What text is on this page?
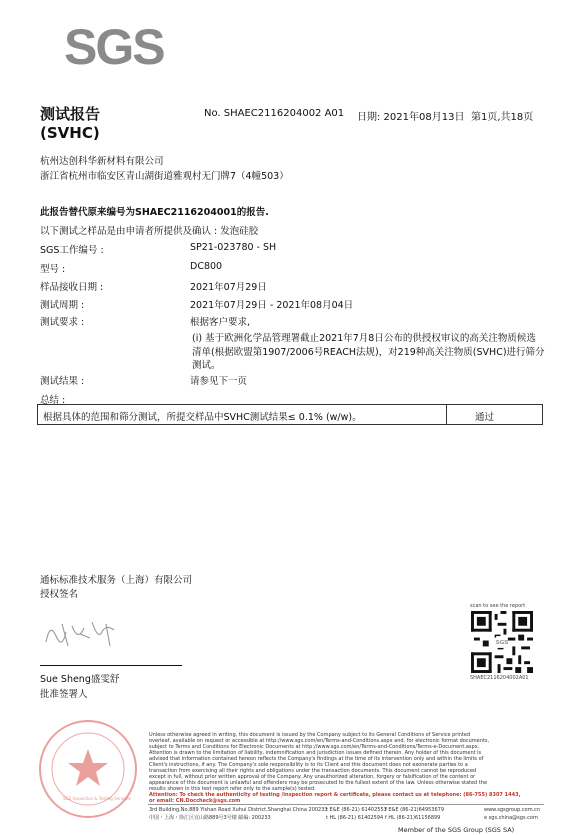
SGS
测试报告
(SVHC)
No. SHAEC2116204002 A01 日期: 2021年08月13日 第1页,共18页
杭州达创科华新材料有限公司
浙江省杭州市临安区青山湖街道雅观村无门牌7（4幢503）
此报告替代原来编号为SHAEC2116204001的报告.
以下测试之样品是由申请者所提供及确认 : 发泡硅胶
SGS工作编号 :	SP21-023780 - SH
型号 :	DC800
样品接收日期 :	2021年07月29日
测试周期 :	2021年07月29日 - 2021年08月04日
测试要求 :	根据客户要求,
(i) 基于欧洲化学品管理署截止2021年7月8日公布的供授权审议的高关注物质候选
清单(根据欧盟第1907/2006号REACH法规)，对219种高关注物质(SVHC)进行筛分
测试。
测试结果 :	请参见下一页
总结 :
根据具体的范围和筛分测试，所提交样品中SVHC测试结果≤ 0.1% (w/w)。	通过
通标标准技术服务（上海）有限公司
授权签名
Sue Sheng盛雯舒
批准签署人
scan to see the report
SGS
SHAEC2116204002A01
SGS Inspection & Testing Services
Unless otherwise agreed in writing, this document is issued by the Company subject to its General Conditions of Service printed
overleaf, available on request or accessible at http://www.sgs.com/en/Terms-and-Conditions.aspx and, for electronic format documents,
subject to Terms and Conditions for Electronic Documents at http://www.sgs.com/en/Terms-and-Conditions/Terms-e-Document.aspx.
Attention is drawn to the limitation of liability, indemnification and jurisdiction issues defined therein. Any holder of this document is
advised that information contained hereon reflects the Company's findings at the time of its intervention only and within the limits of
Client's instructions, if any. The Company's sole responsibility is to its Client and this document does not exonerate parties to a
transaction from exercising all their rights and obligations under the transaction documents. This document cannot be reproduced
except in full, without prior written approval of the Company. Any unauthorized alteration, forgery or falsification of the content or
appearance of this document is unlawful and offenders may be prosecuted to the fullest extent of the law. Unless otherwise stated the
results shown in this test report refer only to the sample(s) tested.
Attention: To check the authenticity of testing /inspection report & certificate, please contact us at telephone: (86-755) 8307 1443,
or email: CN.Doccheck@sgs.com
3rd Building,No.889 Yishan Road Xuhui District,Shanghai China 200233
中国・上海・徐汇区宜山路889号3号楼 邮编: 200233
t E&E (86-21) 61402553
t HL (86-21) 61402594
f E&E (86-21)64953679
f HL (86-21)61156899
www.sgsgroup.com.cn
e sgs.china@sgs.com
Member of the SGS Group (SGS SA)
